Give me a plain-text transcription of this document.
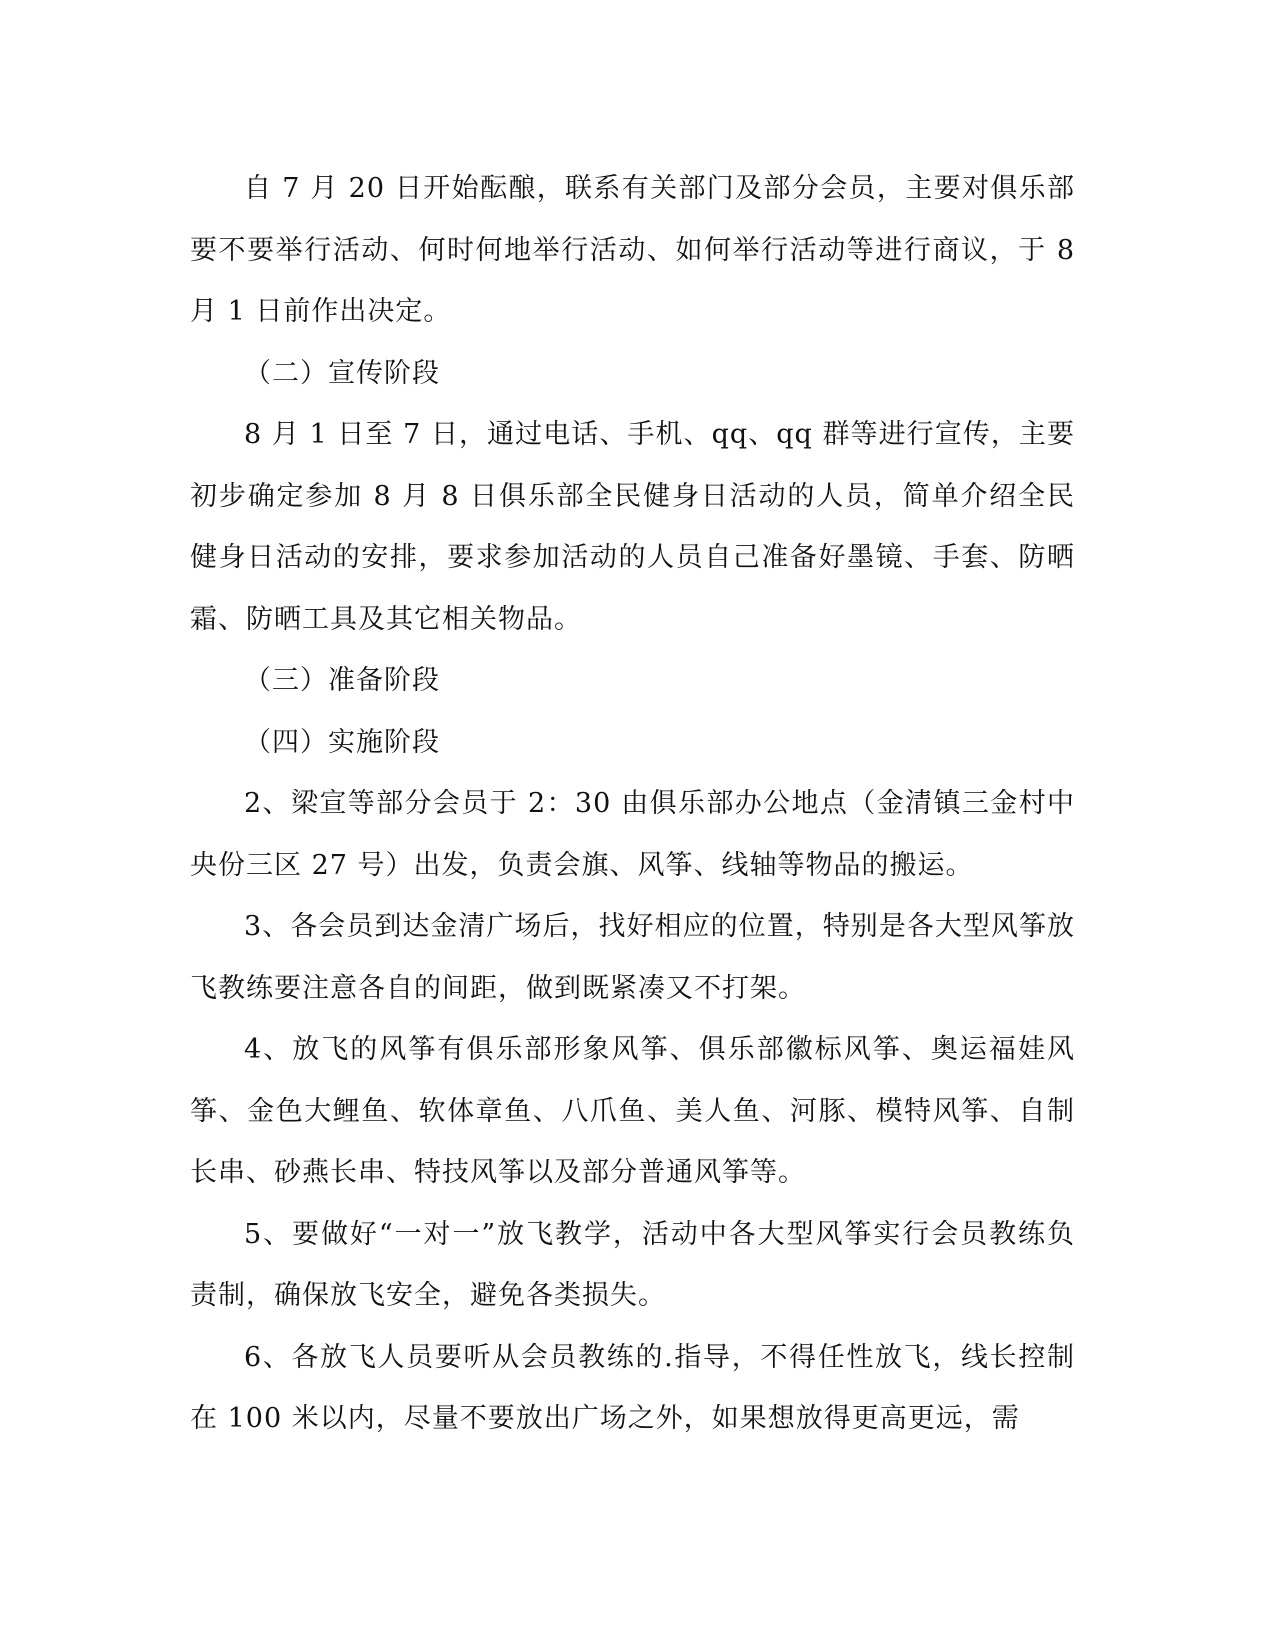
自 7 月 20 日开始酝酿，联系有关部门及部分会员，主要对俱乐部要不要举行活动、何时何地举行活动、如何举行活动等进行商议，于 8 月 1 日前作出决定。

（二）宣传阶段

8 月 1 日至 7 日，通过电话、手机、qq、qq 群等进行宣传，主要初步确定参加 8 月 8 日俱乐部全民健身日活动的人员，简单介绍全民健身日活动的安排，要求参加活动的人员自己准备好墨镜、手套、防晒霜、防晒工具及其它相关物品。

（三）准备阶段

（四）实施阶段

2、梁宣等部分会员于 2：30 由俱乐部办公地点（金清镇三金村中央份三区 27 号）出发，负责会旗、风筝、线轴等物品的搬运。

3、各会员到达金清广场后，找好相应的位置，特别是各大型风筝放飞教练要注意各自的间距，做到既紧凑又不打架。

4、放飞的风筝有俱乐部形象风筝、俱乐部徽标风筝、奥运福娃风筝、金色大鲤鱼、软体章鱼、八爪鱼、美人鱼、河豚、模特风筝、自制长串、砂燕长串、特技风筝以及部分普通风筝等。

5、要做好“一对一”放飞教学，活动中各大型风筝实行会员教练负责制，确保放飞安全，避免各类损失。

6、各放飞人员要听从会员教练的.指导，不得任性放飞，线长控制在 100 米以内，尽量不要放出广场之外，如果想放得更高更远，需
